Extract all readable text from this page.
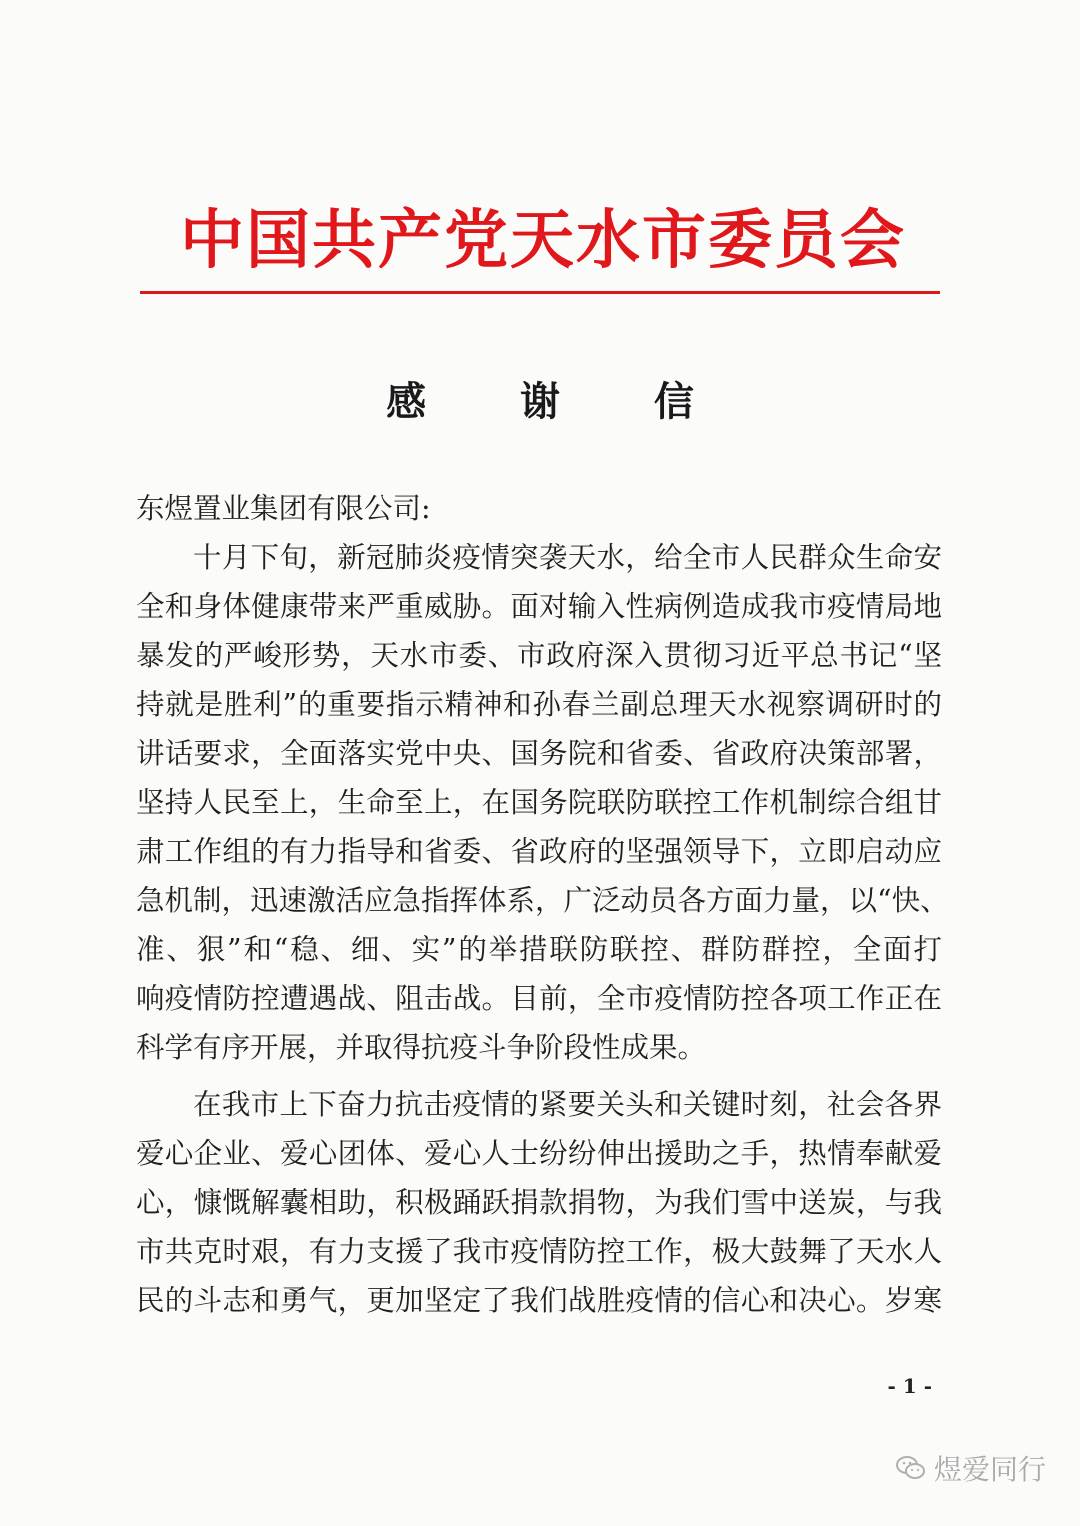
中国共产党天水市委员会
感 谢 信
东煜置业集团有限公司:
十月下旬，新冠肺炎疫情突袭天水，给全市人民群众生命安
全和身体健康带来严重威胁。面对输入性病例造成我市疫情局地
暴发的严峻形势，天水市委、市政府深入贯彻习近平总书记“坚
持就是胜利”的重要指示精神和孙春兰副总理天水视察调研时的
讲话要求，全面落实党中央、国务院和省委、省政府决策部署，
坚持人民至上，生命至上，在国务院联防联控工作机制综合组甘
肃工作组的有力指导和省委、省政府的坚强领导下，立即启动应
急机制，迅速激活应急指挥体系，广泛动员各方面力量，以“快、
准、狠”和“稳、细、实”的举措联防联控、群防群控，全面打
响疫情防控遭遇战、阻击战。目前，全市疫情防控各项工作正在
科学有序开展，并取得抗疫斗争阶段性成果。
在我市上下奋力抗击疫情的紧要关头和关键时刻，社会各界
爱心企业、爱心团体、爱心人士纷纷伸出援助之手，热情奉献爱
心，慷慨解囊相助，积极踊跃捐款捐物，为我们雪中送炭，与我
市共克时艰，有力支援了我市疫情防控工作，极大鼓舞了天水人
民的斗志和勇气，更加坚定了我们战胜疫情的信心和决心。岁寒
- 1 -
煜爱同行
